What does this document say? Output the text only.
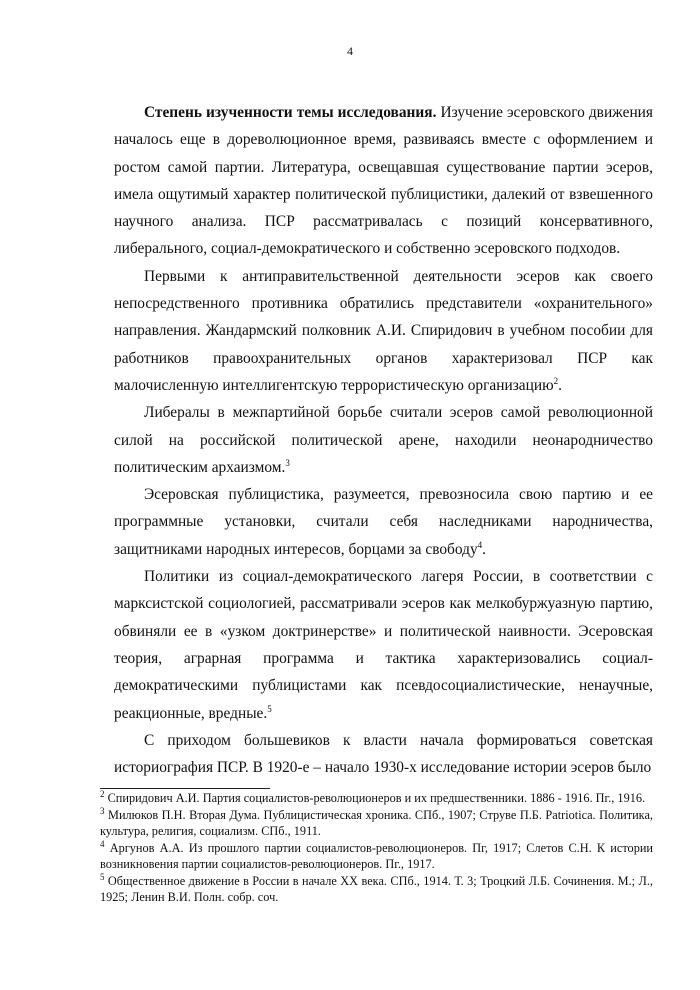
4

Степень изученности темы исследования. Изучение эсеровского движения началось еще в дореволюционное время, развиваясь вместе с оформлением и ростом самой партии. Литература, освещавшая существование партии эсеров, имела ощутимый характер политической публицистики, далекий от взвешенного научного анализа. ПСР рассматривалась с позиций консервативного, либерального, социал-демократического и собственно эсеровского подходов.

Первыми к антиправительственной деятельности эсеров как своего непосредственного противника обратились представители «охранительного» направления. Жандармский полковник А.И. Спиридович в учебном пособии для работников правоохранительных органов характеризовал ПСР как малочисленную интеллигентскую террористическую организацию$^2$.

Либералы в межпартийной борьбе считали эсеров самой революционной силой на российской политической арене, находили неонародничество политическим архаизмом.$^3$

Эсеровская публицистика, разумеется, превозносила свою партию и ее программные установки, считали себя наследниками народничества, защитниками народных интересов, борцами за свободу$^4$.

Политики из социал-демократического лагеря России, в соответствии с марксистской социологией, рассматривали эсеров как мелкобуржуазную партию, обвиняли ее в «узком доктринерстве» и политической наивности. Эсеровская теория, аграрная программа и тактика характеризовались социал-демократическими публицистами как псевдосоциалистические, ненаучные, реакционные, вредные.$^5$

С приходом большевиков к власти начала формироваться советская историография ПСР. В 1920-е – начало 1930-х исследование истории эсеров было

$^2$ Спиридович А.И. Партия социалистов-революционеров и их предшественники. 1886 - 1916. Пг., 1916.

$^3$ Милюков П.Н. Вторая Дума. Публицистическая хроника. СПб., 1907; Струве П.Б. Patriotica. Политика, культура, религия, социализм. СПб., 1911.

$^4$ Аргунов А.А. Из прошлого партии социалистов-революционеров. Пг, 1917; Слетов С.Н. К истории возникновения партии социалистов-революционеров. Пг., 1917.

$^5$ Общественное движение в России в начале XX века. СПб., 1914. Т. 3; Троцкий Л.Б. Сочинения. М.; Л., 1925; Ленин В.И. Полн. собр. соч.
